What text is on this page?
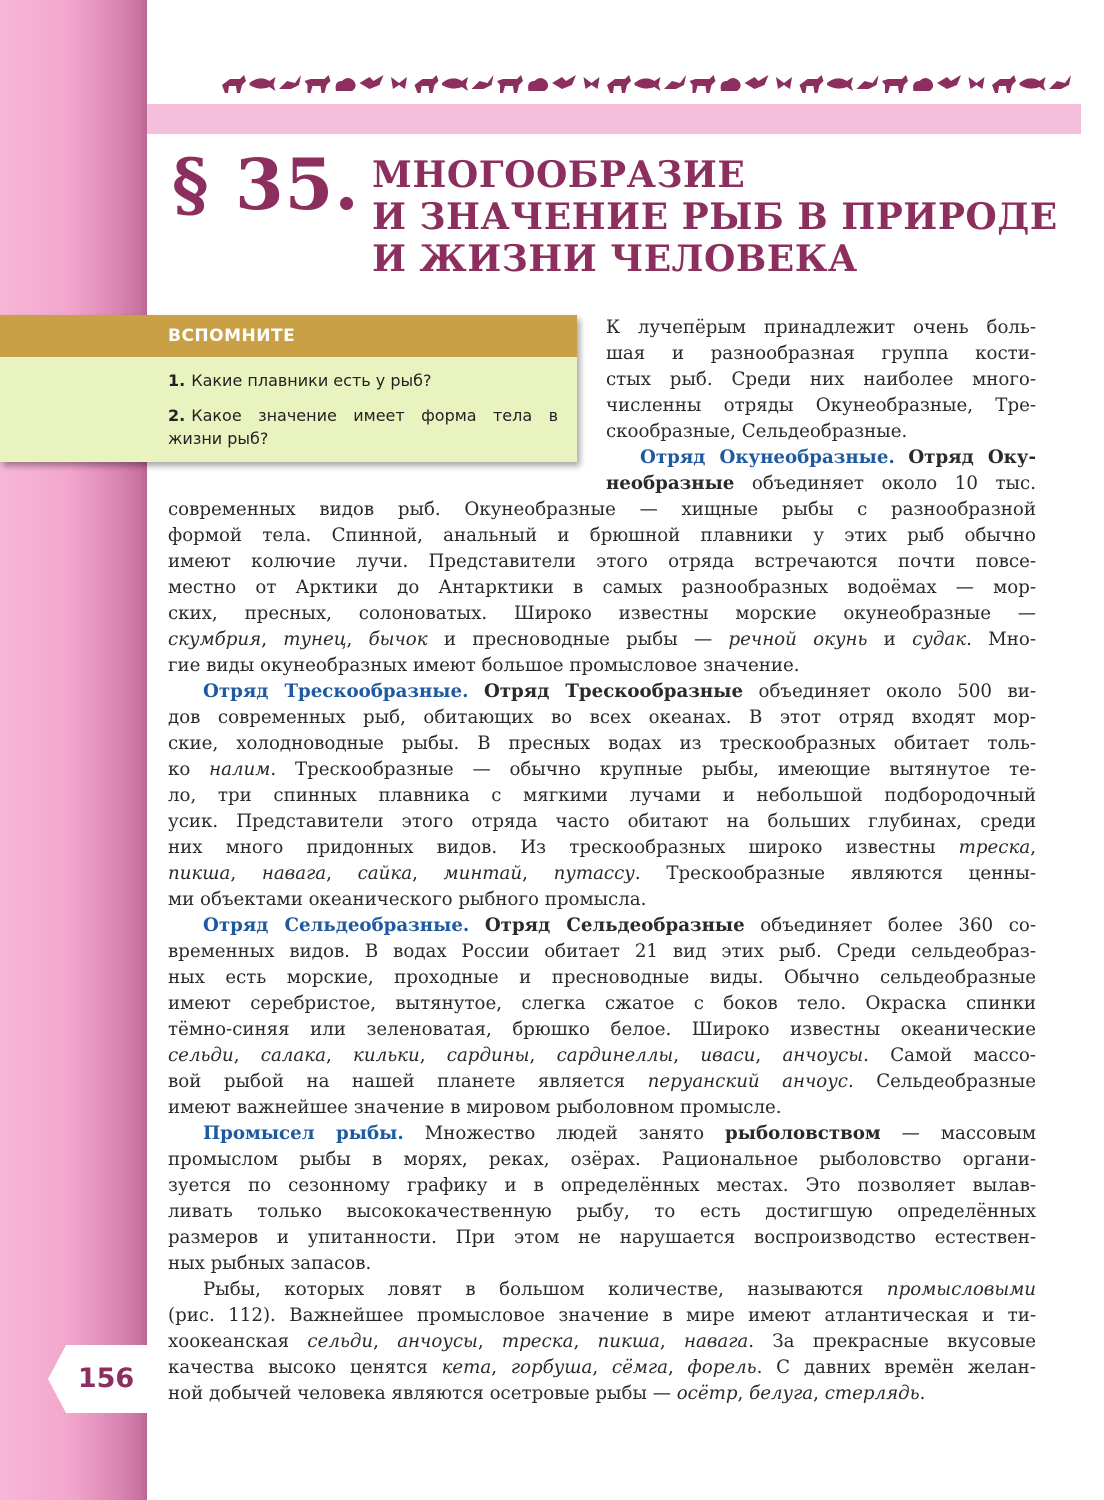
§ 35. МНОГООБРАЗИЕ
И ЗНАЧЕНИЕ РЫБ В ПРИРОДЕ
И ЖИЗНИ ЧЕЛОВЕКА
ВСПОМНИТЕ
1. Какие плавники есть у рыб?
2. Какое значение имеет форма тела в жизни рыб?
К лучепёрым принадлежит очень боль-
шая и разнообразная группа кости-
стых рыб. Среди них наиболее много-
численны отряды Окунеобразные, Тре-
скообразные, Сельдеобразные.
Отряд Окунеобразные. Отряд Оку-
необразные объединяет около 10 тыс.
современных видов рыб. Окунеобразные — хищные рыбы с разнообразной
формой тела. Спинной, анальный и брюшной плавники у этих рыб обычно
имеют колючие лучи. Представители этого отряда встречаются почти повсе-
местно от Арктики до Антарктики в самых разнообразных водоёмах — мор-
ских, пресных, солоноватых. Широко известны морские окунеобразные —
скумбрия, тунец, бычок и пресноводные рыбы — речной окунь и судак. Мно-
гие виды окунеобразных имеют большое промысловое значение.
Отряд Трескообразные. Отряд Трескообразные объединяет около 500 ви-
дов современных рыб, обитающих во всех океанах. В этот отряд входят мор-
ские, холодноводные рыбы. В пресных водах из трескообразных обитает толь-
ко налим. Трескообразные — обычно крупные рыбы, имеющие вытянутое те-
ло, три спинных плавника с мягкими лучами и небольшой подбородочный
усик. Представители этого отряда часто обитают на больших глубинах, среди
них много придонных видов. Из трескообразных широко известны треска,
пикша, навага, сайка, минтай, путассу. Трескообразные являются ценны-
ми объектами океанического рыбного промысла.
Отряд Сельдеобразные. Отряд Сельдеобразные объединяет более 360 со-
временных видов. В водах России обитает 21 вид этих рыб. Среди сельдеобраз-
ных есть морские, проходные и пресноводные виды. Обычно сельдеобразные
имеют серебристое, вытянутое, слегка сжатое с боков тело. Окраска спинки
тёмно-синяя или зеленоватая, брюшко белое. Широко известны океанические
сельди, салака, кильки, сардины, сардинеллы, иваси, анчоусы. Самой массо-
вой рыбой на нашей планете является перуанский анчоус. Сельдеобразные
имеют важнейшее значение в мировом рыболовном промысле.
Промысел рыбы. Множество людей занято рыболовством — массовым
промыслом рыбы в морях, реках, озёрах. Рациональное рыболовство органи-
зуется по сезонному графику и в определённых местах. Это позволяет вылав-
ливать только высококачественную рыбу, то есть достигшую определённых
размеров и упитанности. При этом не нарушается воспроизводство естествен-
ных рыбных запасов.
Рыбы, которых ловят в большом количестве, называются промысловыми
(рис. 112). Важнейшее промысловое значение в мире имеют атлантическая и ти-
хоокеанская сельди, анчоусы, треска, пикша, навага. За прекрасные вкусовые
качества высоко ценятся кета, горбуша, сёмга, форель. С давних времён желан-
ной добычей человека являются осетровые рыбы — осётр, белуга, стерлядь.
156
